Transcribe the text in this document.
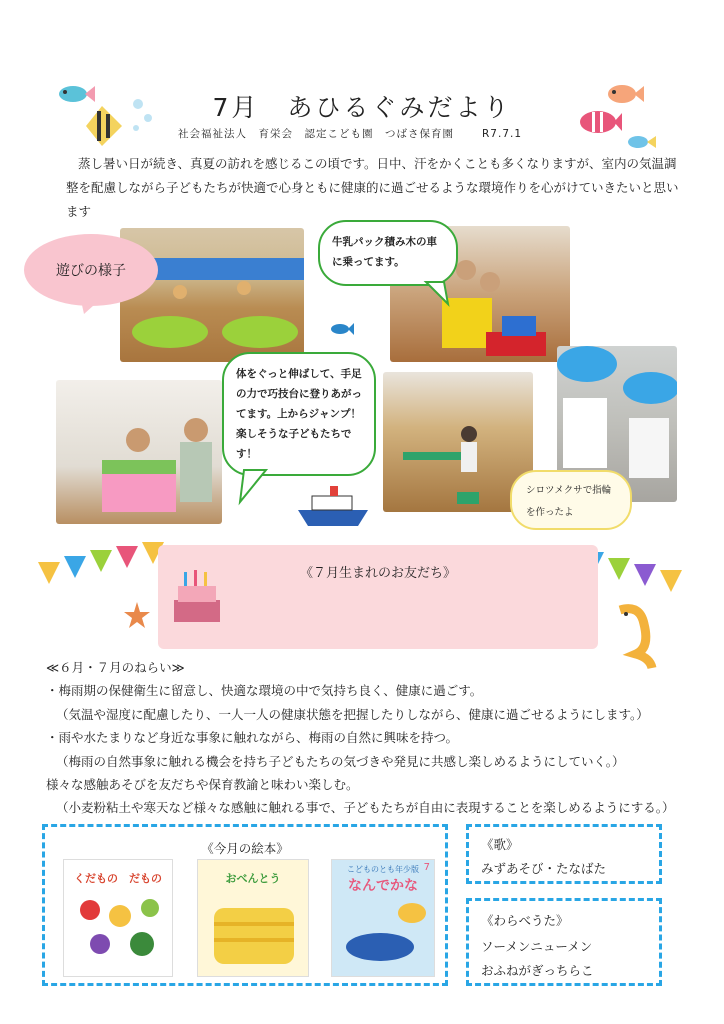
7月　あひるぐみだより
社会福祉法人　育栄会　認定こども園　つばさ保育園	R7.7.1
蒸し暑い日が続き、真夏の訪れを感じるこの頃です。日中、汗をかくことも多くなりますが、室内の気温調整を配慮しながら子どもたちが快適で心身ともに健康的に過ごせるような環境作りを心がけていきたいと思います
遊びの様子
牛乳パック積み木の車に乗ってます。
体をぐっと伸ばして、手足の力で巧技台に登りあがってます。上からジャンプ！楽しそうな子どもたちです！
シロツメクサで指輪を作ったよ
《７月生まれのお友だち》
≪６月・７月のねらい≫
・梅雨期の保健衛生に留意し、快適な環境の中で気持ち良く、健康に過ごす。
（気温や湿度に配慮したり、一人一人の健康状態を把握したりしながら、健康に過ごせるようにします。）
・雨や水たまりなど身近な事象に触れながら、梅雨の自然に興味を持つ。
（梅雨の自然事象に触れる機会を持ち子どもたちの気づきや発見に共感し楽しめるようにしていく。）
様々な感触あそびを友だちや保育教諭と味わい楽しむ。
（小麦粉粘土や寒天など様々な感触に触れる事で、子どもたちが自由に表現することを楽しめるようにする。）
《今月の絵本》
くだもの　だもの	おべんとう
こどものとも年少版 7
なんでかな
《歌》
みずあそび・たなばた
《わらべうた》
ソーメンニューメン
おふねがぎっちらこ
